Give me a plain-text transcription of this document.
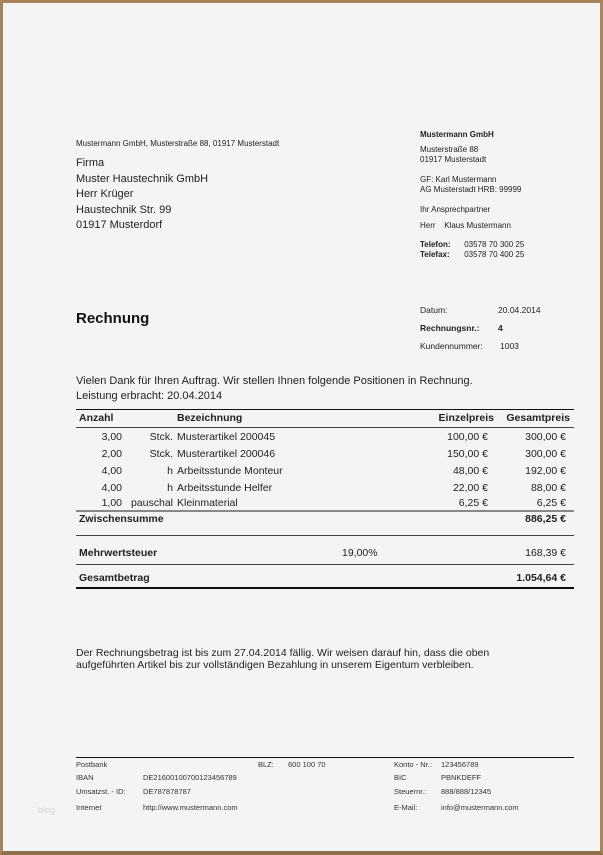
Mustermann GmbH, Musterstraße 88, 01917 Musterstadt
Firma
Muster Haustechnik GmbH
Herr Krüger
Haustechnik Str. 99
01917 Musterdorf
Mustermann GmbH
Musterstraße 88
01917 Musterstadt
GF: Karl Mustermann
AG Musterstadt HRB: 99999
Ihr Ansprechpartner
Herr Klaus Mustermann
Telefon: 03578 70 300 25
Telefax: 03578 70 400 25
Rechnung	Datum:	20.04.2014
Rechnungsnr.: 4
Kundennummer: 1003
Vielen Dank für Ihren Auftrag. Wir stellen Ihnen folgende Positionen in Rechnung.
Leistung erbracht: 20.04.2014
Anzahl	Bezeichnung	Einzelpreis Gesamtpreis
3,00	Stck. Musterartikel 200045	100,00 €	300,00 €
2,00	Stck. Musterartikel 200046	150,00 €	300,00 €
4,00	h Arbeitsstunde Monteur	48,00 €	192,00 €
4,00	h Arbeitsstunde Helfer	22,00 €	88,00 €
1,00 pauschal Kleinmaterial	6,25 €	6,25 €
Zwischensumme	886,25 €
Mehrwertsteuer	19,00%	168,39 €
Gesamtbetrag	1.054,64 €
Der Rechnungsbetrag ist bis zum 27.04.2014 fällig. Wir weisen darauf hin, dass die oben
aufgeführten Artikel bis zur vollständigen Bezahlung in unserem Eigentum verbleiben.
Postbank	BLZ: 600 100 70	Konto - Nr.: 123456789
IBAN	DE21600100700123456789	BIC	PBNKDEFF
Umsatzst. - ID: DE787878787	Steuernr.: 888/888/12345
Internet	http://www.mustermann.com	E-Mail:	info@mustermann.com
blog
